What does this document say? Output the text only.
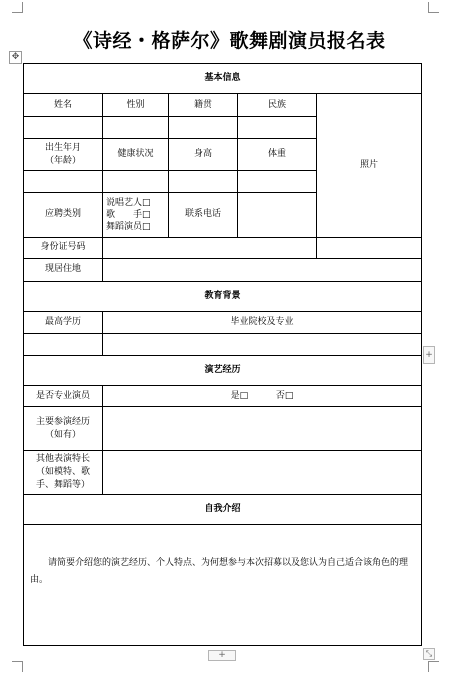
✥
《诗经・格萨尔》歌舞剧演员报名表
基本信息				
姓名	性别	籍贯	民族	照片

出生年月
（年龄）	健康状况	身高	体重	

应聘类别	说唱艺人□
歌　　手□
舞蹈演员□	联系电话		
身份证号码				
现居住地				
教育背景				
最高学历	毕业院校及专业			

演艺经历				
是否专业演员	是□ 否□			

主要参演经历
（如有）				

其他表演特长
（如模特、歌
手、舞蹈等）				

自我介绍				

请简要介绍您的演艺经历、个人特点、为何想参与本次招募以及您认为自己适合该角色的理由。				
+
+	⤡
